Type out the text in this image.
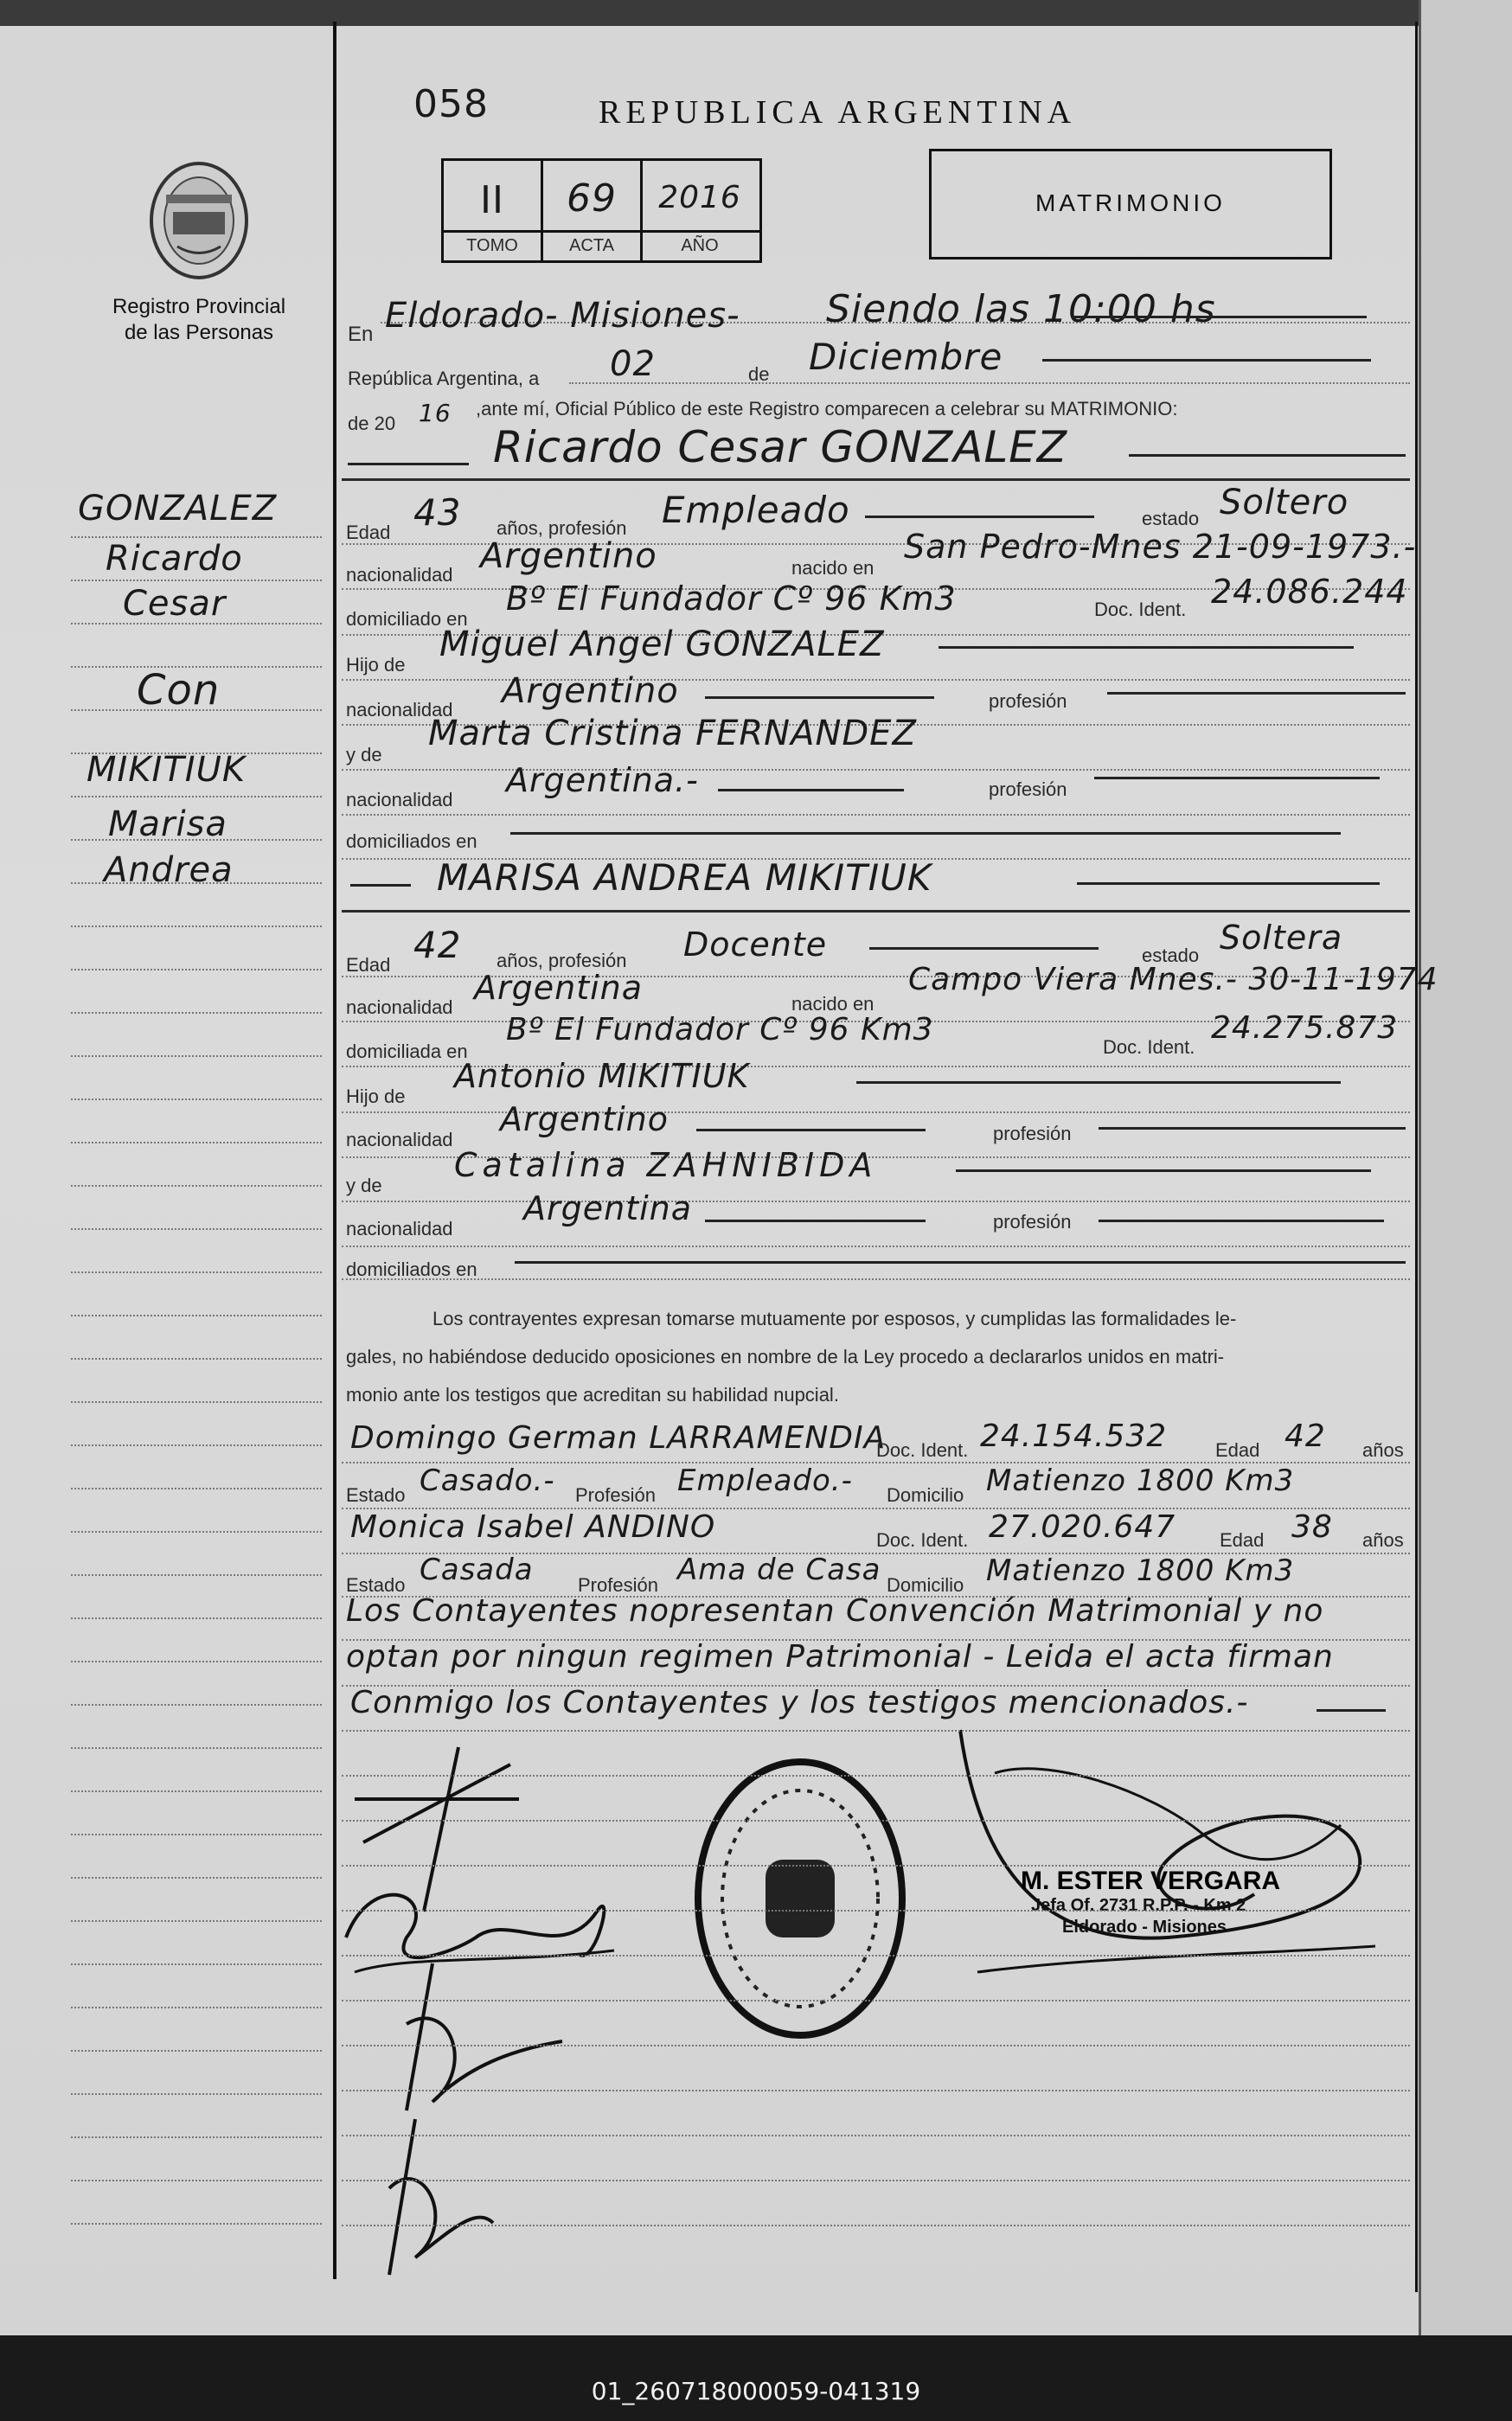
058	REPUBLICA ARGENTINA
Registro Provincial
de las Personas
II	69	2016
TOMO	ACTA	AÑO
MATRIMONIO
GONZALEZ
Ricardo
Cesar
Con
MIKITIUK
Marisa
Andrea
En Eldorado- Misiones- Siendo las 10:00 hs
República Argentina, a 02	de Diciembre
de 20 16 ,ante mí, Oficial Público de este Registro comparecen a celebrar su MATRIMONIO:
Ricardo Cesar GONZALEZ
Edad 43 años, profesión Empleado	estado Soltero
nacionalidad Argentino	nacido en
San Pedro-Mnes 21-09-1973.-
domiciliado en
Bº El Fundador Cº 96 Km3	Doc. Ident. 24.086.244
Hijo de
Miguel Angel GONZALEZ
nacionalidad Argentino	profesión
y de
Marta Cristina FERNANDEZ
nacionalidad
Argentina.-	profesión
domiciliados en
MARISA ANDREA MIKITIUK
Edad 42 años, profesión Docente	estado Soltera
nacionalidad
Argentina	nacido en
Campo Viera Mnes.- 30-11-1974
domiciliada en
Bº El Fundador Cº 96 Km3	Doc. Ident.
24.275.873
Hijo de
Antonio MIKITIUK
nacionalidad
Argentino	profesión
y de
Catalina ZAHNIBIDA
nacionalidad
Argentina	profesión
domiciliados en
Los contrayentes expresan tomarse mutuamente por esposos, y cumplidas las formalidades le-
gales, no habiéndose deducido oposiciones en nombre de la Ley procedo a declararlos unidos en matri-
monio ante los testigos que acreditan su habilidad nupcial.
Domingo German LARRAMENDIA
Doc. Ident. 24.154.532	Edad 42 años
Estado Casado.- Profesión Empleado.- Domicilio Matienzo 1800 Km3
Monica Isabel ANDINO	Doc. Ident. 27.020.647 Edad 38 años
Estado Casada Profesión Ama de Casa Domicilio Matienzo 1800 Km3
Los Contayentes nopresentan Convención Matrimonial y no
optan por ningun regimen Patrimonial - Leida el acta firman
Conmigo los Contayentes y los testigos mencionados.-
M. ESTER VERGARA
Jefa Of. 2731 R.P.P. - Km 2
Eldorado - Misiones
01_260718000059-041319
